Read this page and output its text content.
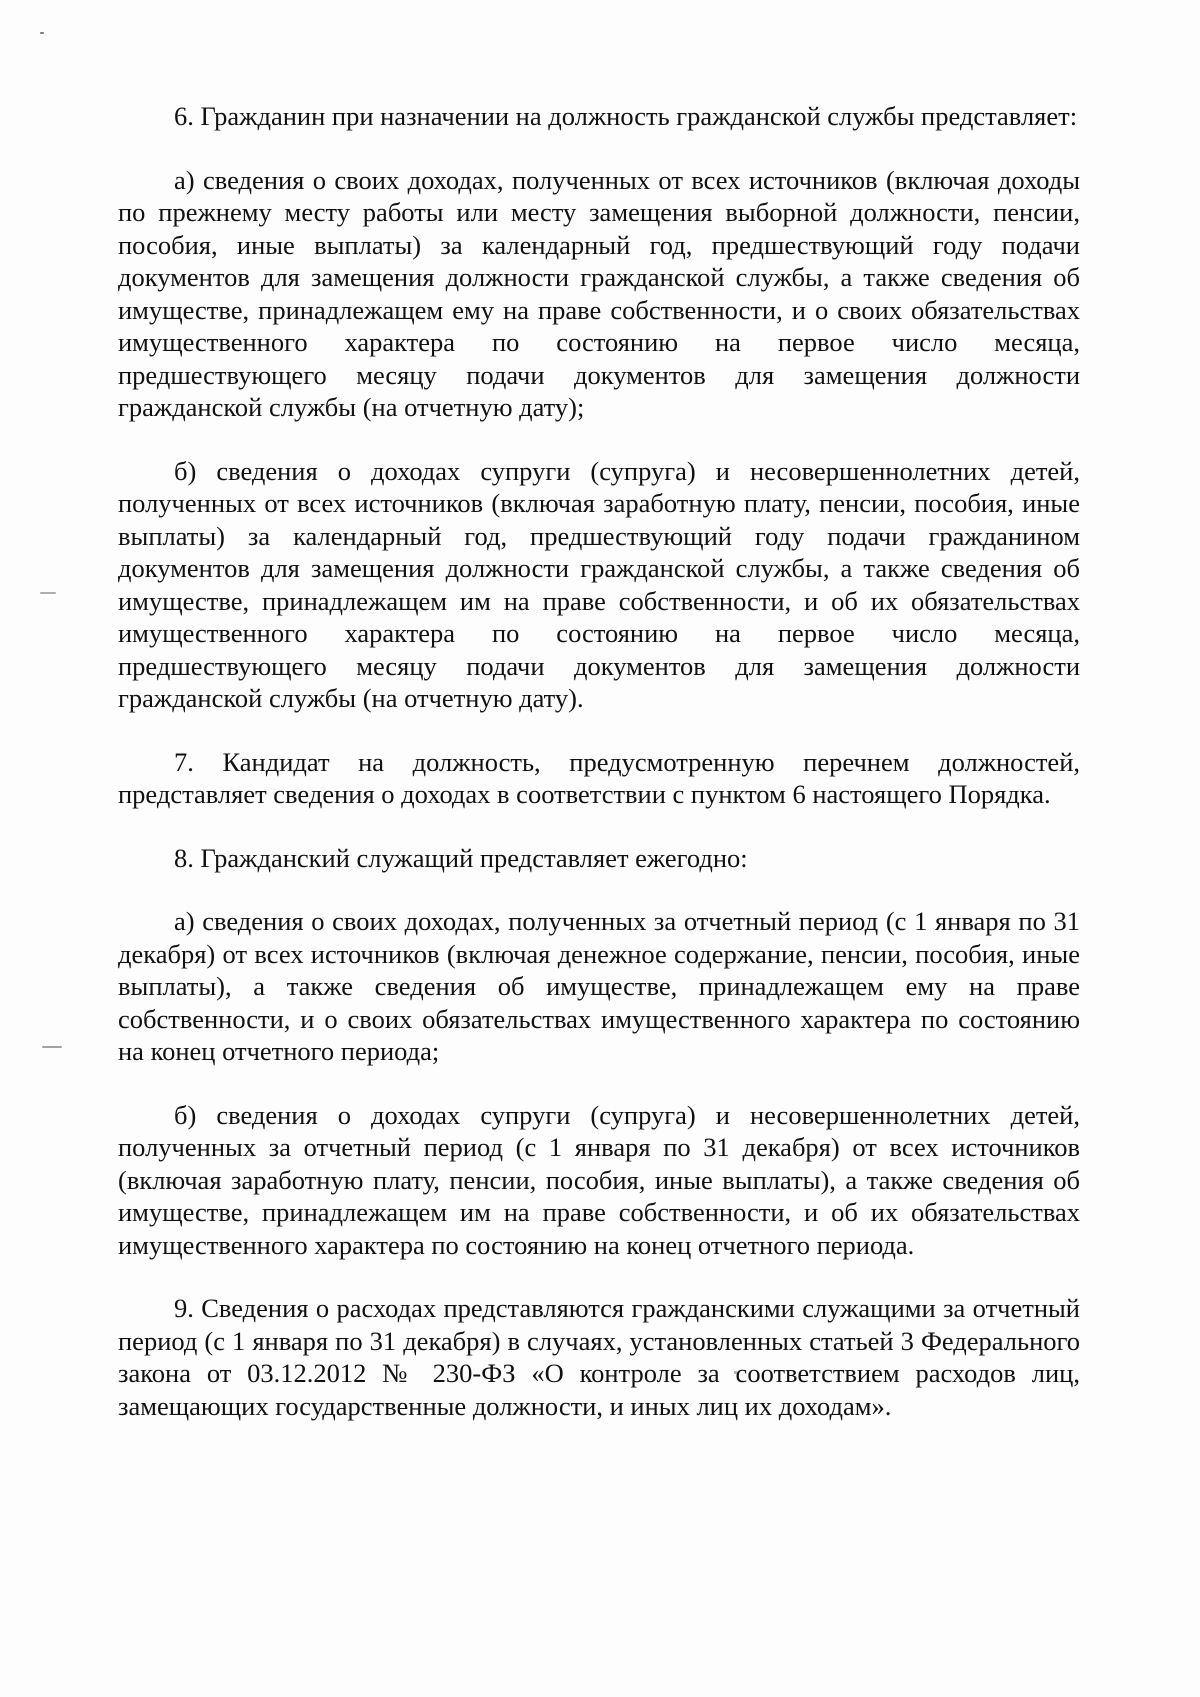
6. Гражданин при назначении на должность гражданской службы представляет:

а) сведения о своих доходах, полученных от всех источников (включая доходы по прежнему месту работы или месту замещения выборной должности, пенсии, пособия, иные выплаты) за календарный год, предшествующий году подачи документов для замещения должности гражданской службы, а также сведения об имуществе, принадлежащем ему на праве собственности, и о своих обязательствах имущественного характера по состоянию на первое число месяца, предшествующего месяцу подачи документов для замещения должности гражданской службы (на отчетную дату);

б) сведения о доходах супруги (супруга) и несовершеннолетних детей, полученных от всех источников (включая заработную плату, пенсии, пособия, иные выплаты) за календарный год, предшествующий году подачи гражданином документов для замещения должности гражданской службы, а также сведения об имуществе, принадлежащем им на праве собственности, и об их обязательствах имущественного характера по состоянию на первое число месяца, предшествующего месяцу подачи документов для замещения должности гражданской службы (на отчетную дату).

7. Кандидат на должность, предусмотренную перечнем должностей, представляет сведения о доходах в соответствии с пунктом 6 настоящего Порядка.

8. Гражданский служащий представляет ежегодно:

а) сведения о своих доходах, полученных за отчетный период (с 1 января по 31 декабря) от всех источников (включая денежное содержание, пенсии, пособия, иные выплаты), а также сведения об имуществе, принадлежащем ему на праве собственности, и о своих обязательствах имущественного характера по состоянию на конец отчетного периода;

б) сведения о доходах супруги (супруга) и несовершеннолетних детей, полученных за отчетный период (с 1 января по 31 декабря) от всех источников (включая заработную плату, пенсии, пособия, иные выплаты), а также сведения об имуществе, принадлежащем им на праве собственности, и об их обязательствах имущественного характера по состоянию на конец отчетного периода.

9. Сведения о расходах представляются гражданскими служащими за отчетный период (с 1 января по 31 декабря) в случаях, установленных статьей 3 Федерального закона от 03.12.2012 № 230-ФЗ «О контроле за соответствием расходов лиц, замещающих государственные должности, и иных лиц их доходам».
